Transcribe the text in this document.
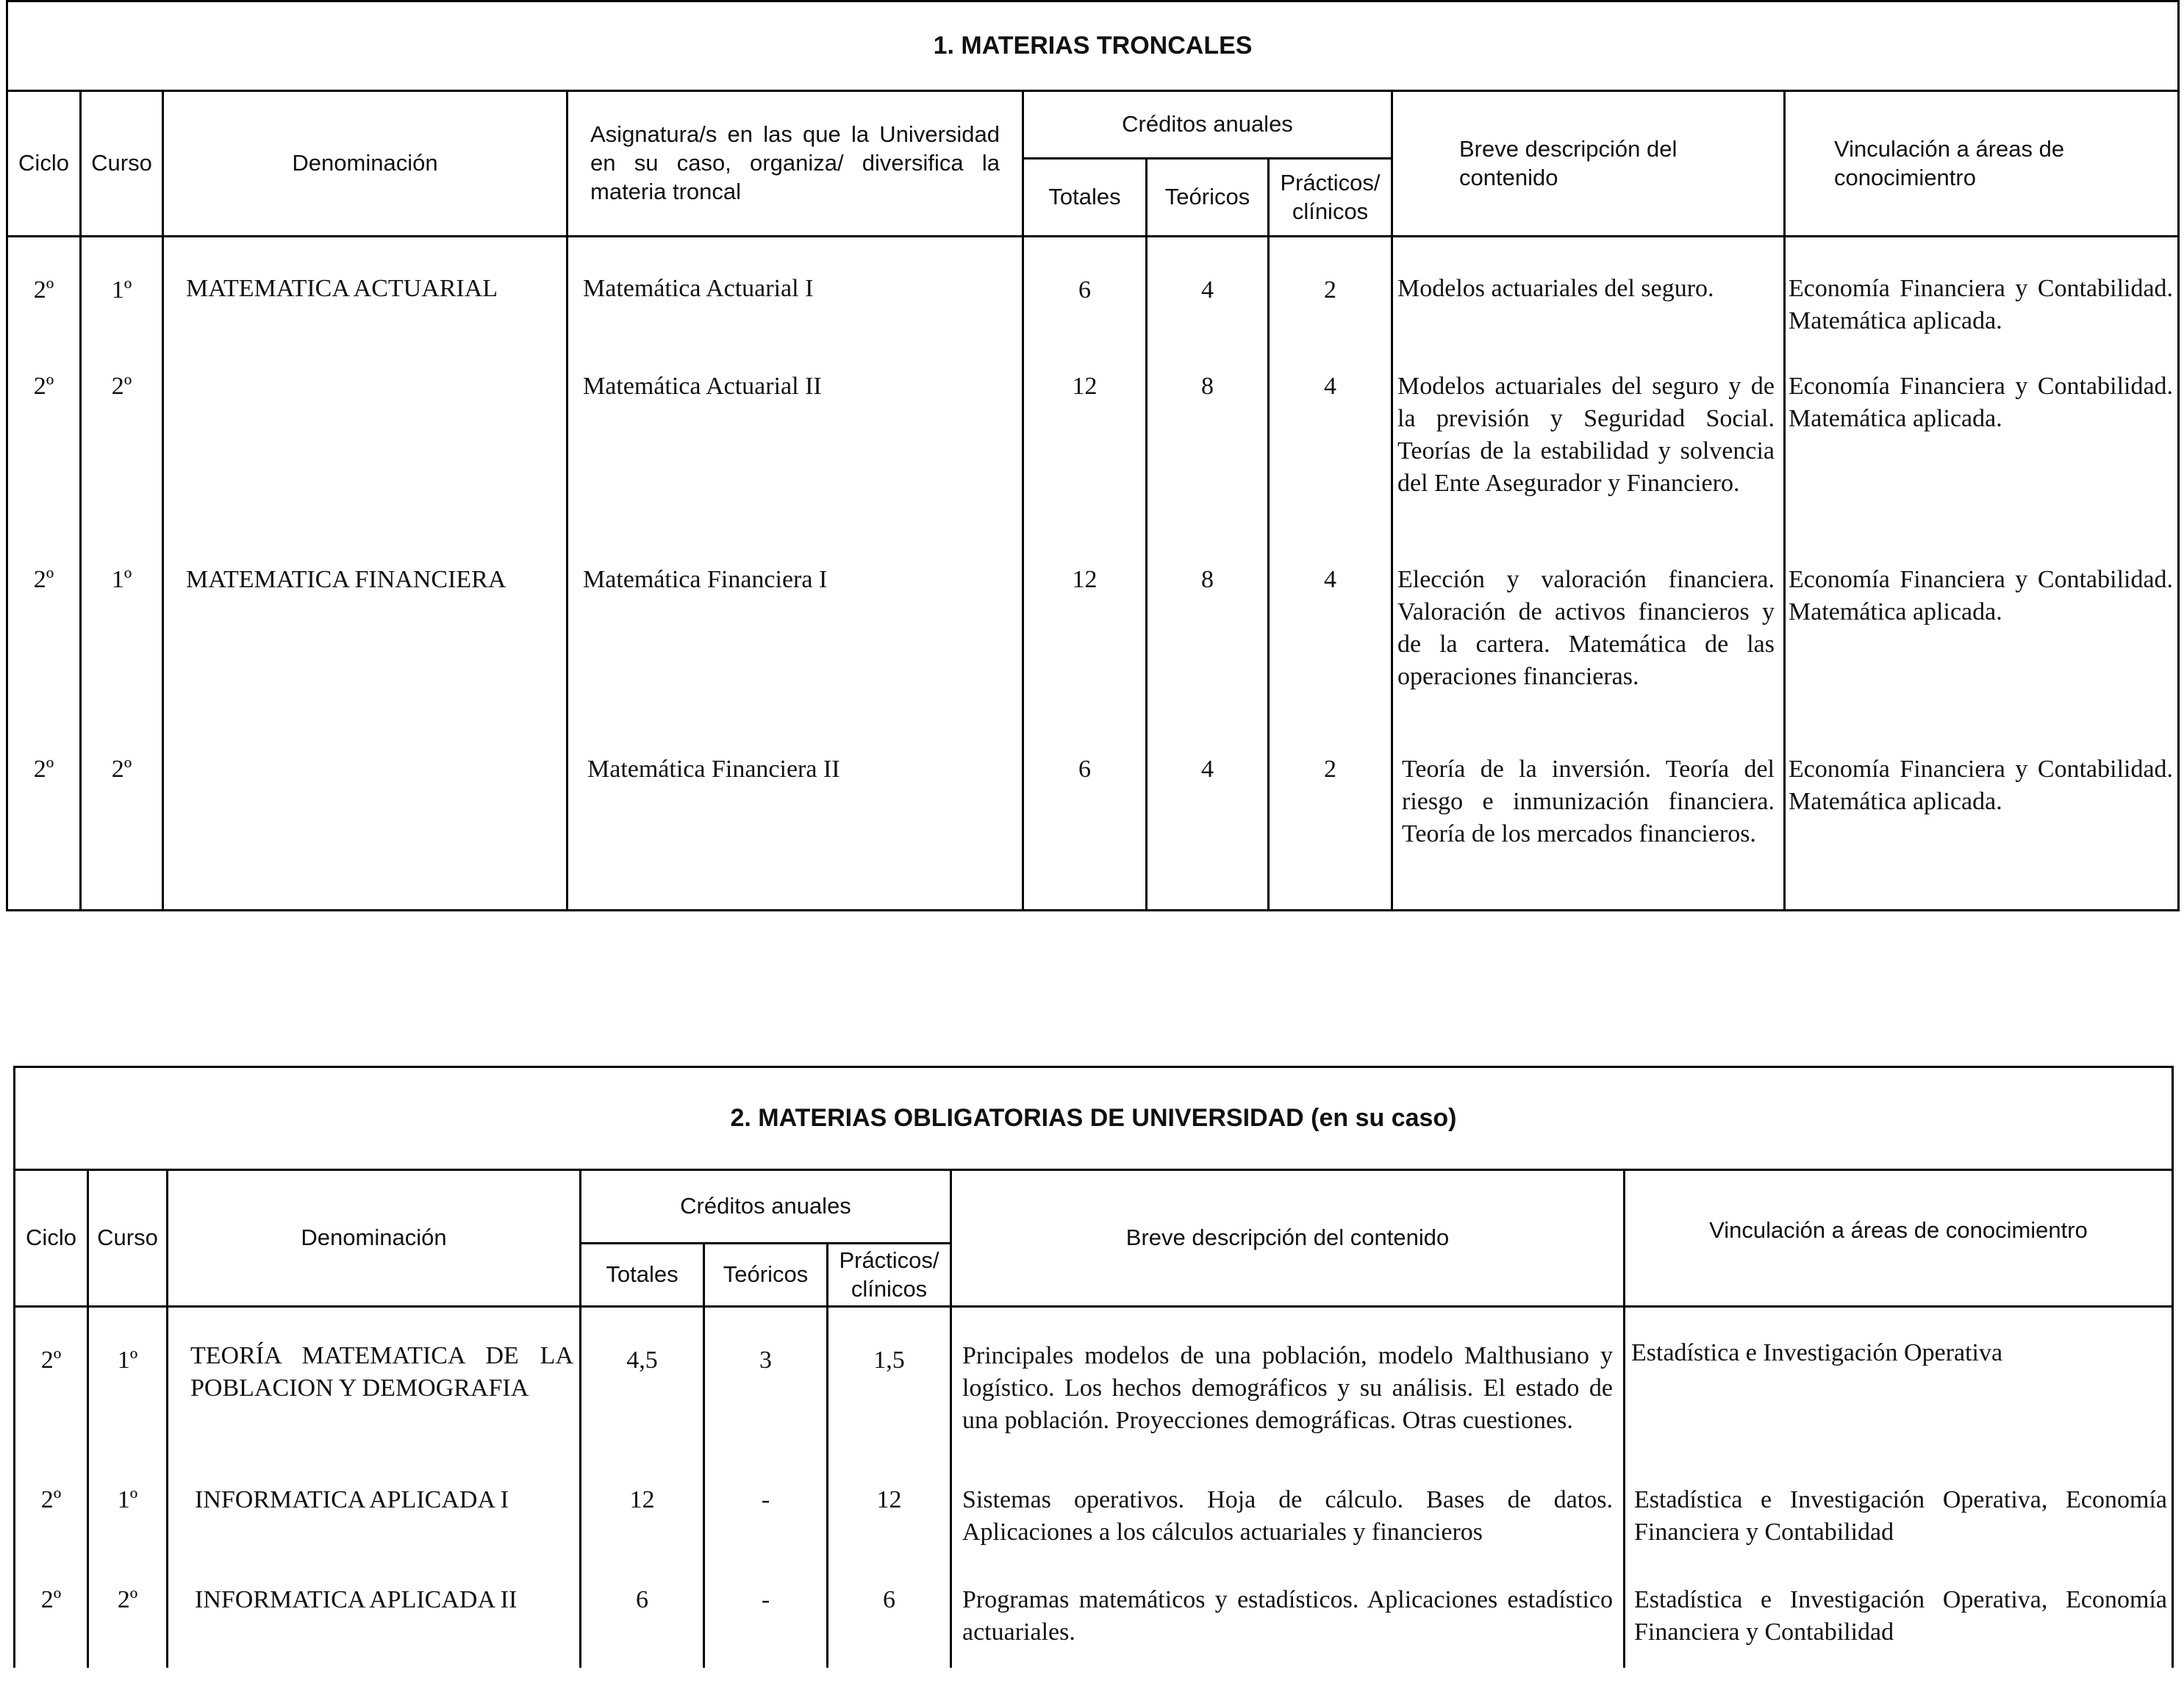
1. MATERIAS TRONCALES								
Ciclo	Curso	Denominación	Asignatura/s en las que la Universidad en su caso, organiza/ diversifica la materia troncal	Créditos anuales			Breve descripción del contenido	Vinculación a áreas de conocimientro
				Totales	Teóricos	Prácticos/ clínicos		
2º	1º	MATEMATICA ACTUARIAL	Matemática Actuarial I	6	4	2	Modelos actuariales del seguro.	Economía Financiera y Contabilidad. Matemática aplicada.
2º	2º		Matemática Actuarial II	12	8	4	Modelos actuariales del seguro y de la previsión y Seguridad Social. Teorías de la estabilidad y solvencia del Ente Asegurador y Financiero.	Economía Financiera y Contabilidad. Matemática aplicada.
2º	1º	MATEMATICA FINANCIERA	Matemática Financiera I	12	8	4	Elección y valoración financiera. Valoración de activos financieros y de la cartera. Matemática de las operaciones financieras.	Economía Financiera y Contabilidad. Matemática aplicada.
2º	2º		Matemática Financiera II	6	4	2	Teoría de la inversión. Teoría del riesgo e inmunización financiera. Teoría de los mercados financieros.	Economía Financiera y Contabilidad. Matemática aplicada.
2. MATERIAS OBLIGATORIAS DE UNIVERSIDAD (en su caso)							
Ciclo	Curso	Denominación	Créditos anuales			Breve descripción del contenido	Vinculación a áreas de conocimientro
			Totales	Teóricos	Prácticos/ clínicos		
2º	1º	TEORÍA MATEMATICA DE LA POBLACION Y DEMOGRAFIA	4,5	3	1,5	Principales modelos de una población, modelo Malthusiano y logístico. Los hechos demográficos y su análisis. El estado de una población. Proyecciones demográficas. Otras cuestiones.	Estadística e Investigación Operativa
2º	1º	INFORMATICA APLICADA I	12	-	12	Sistemas operativos. Hoja de cálculo. Bases de datos. Aplicaciones a los cálculos actuariales y financieros	Estadística e Investigación Operativa, Economía Financiera y Contabilidad
2º	2º	INFORMATICA APLICADA II	6	-	6	Programas matemáticos y estadísticos. Aplicaciones estadístico actuariales.	Estadística e Investigación Operativa, Economía Financiera y Contabilidad
